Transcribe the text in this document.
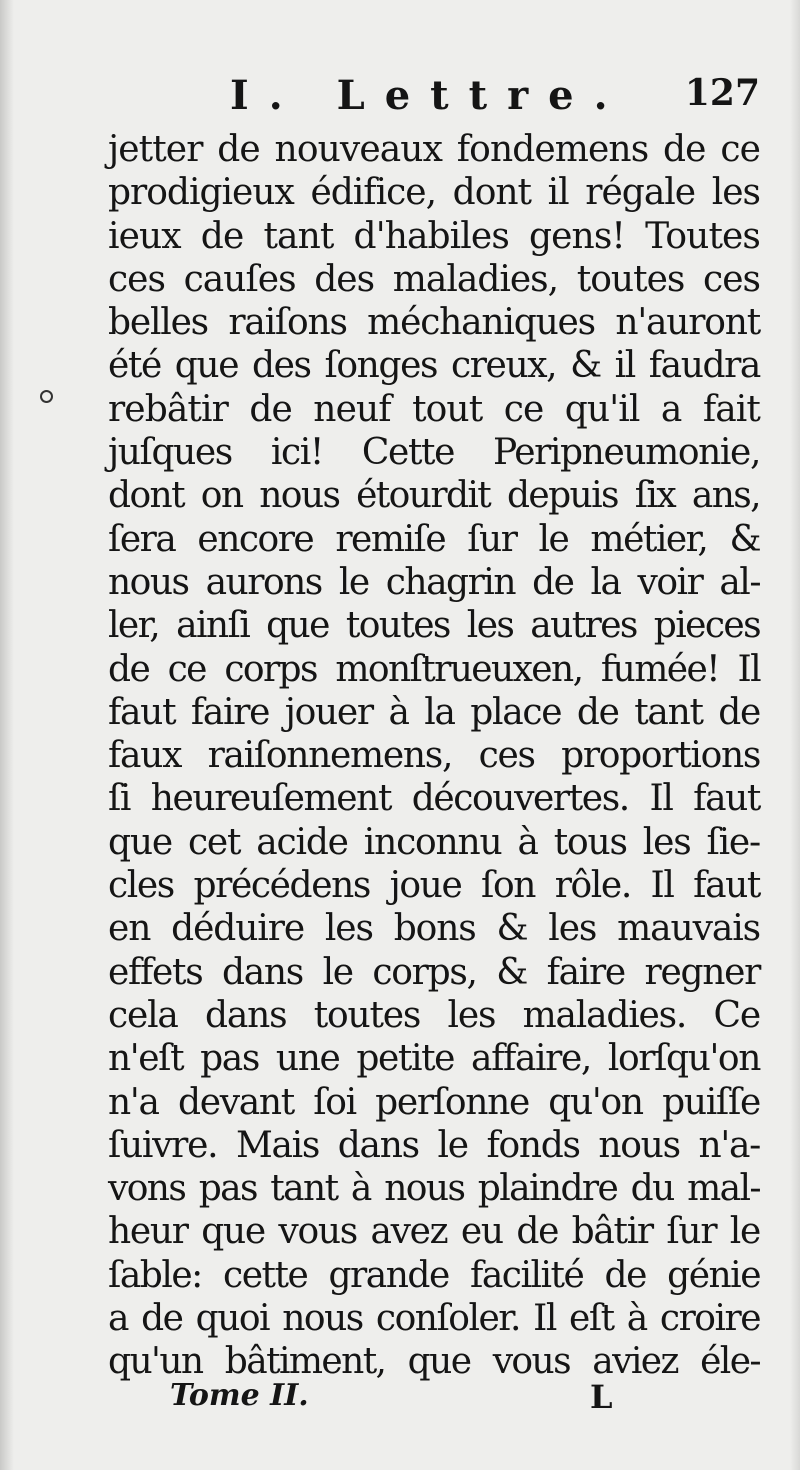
I. Lettre. 127
jetter de nouveaux fondemens de ce
prodigieux édifice, dont il régale les
ieux de tant d'habiles gens! Toutes
ces cauſes des maladies, toutes ces
belles raiſons méchaniques n'auront
été que des ſonges creux, & il faudra
rebâtir de neuf tout ce qu'il a fait
juſques ici! Cette Peripneumonie,
dont on nous étourdit depuis ſix ans,
ſera encore remiſe ſur le métier, &
nous aurons le chagrin de la voir al-
ler, ainſi que toutes les autres pieces
de ce corps monſtrueuxen, fumée! Il
faut faire jouer à la place de tant de
faux raiſonnemens, ces proportions
ſi heureuſement découvertes. Il faut
que cet acide inconnu à tous les ſie-
cles précédens joue ſon rôle. Il faut
en déduire les bons & les mauvais
effets dans le corps, & faire regner
cela dans toutes les maladies. Ce
n'eſt pas une petite affaire, lorſqu'on
n'a devant ſoi perſonne qu'on puiſſe
ſuivre. Mais dans le fonds nous n'a-
vons pas tant à nous plaindre du mal-
heur que vous avez eu de bâtir ſur le
ſable: cette grande facilité de génie
a de quoi nous conſoler. Il eſt à croire
qu'un bâtiment, que vous aviez éle-
Tome II.	L
